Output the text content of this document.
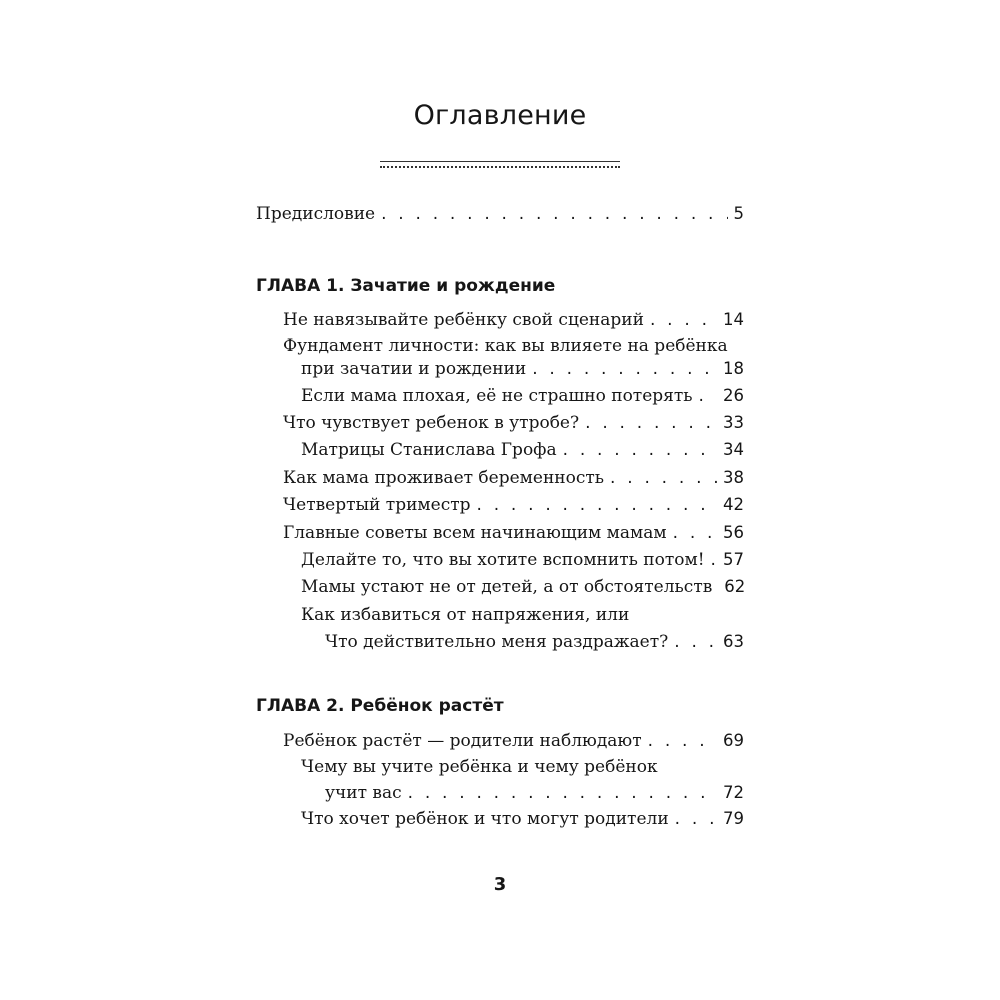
Оглавление
Предисловие . . .	5
ГЛАВА 1. Зачатие и рождение
Не навязывайте ребёнку свой сценарий . . .	14
Фундамент личности: как вы влияете на ребёнка
при зачатии и рождении . . .	18
Если мама плохая, её не страшно потерять . . . 26
Что чувствует ребенок в утробе? . . .	33
Матрицы Станислава Грофа . . .	34
Как мама проживает беременность . . .	38
Четвертый триместр . . .	42
Главные советы всем начинающим мамам . . .	56
Делайте то, что вы хотите вспомнить потом! . . . 57
Мамы устают не от детей, а от обстоятельств 62
Как избавиться от напряжения, или
Что действительно меня раздражает? . . .	63
ГЛАВА 2. Ребёнок растёт
Ребёнок растёт — родители наблюдают . . .	69
Чему вы учите ребёнка и чему ребёнок
учит вас . . .	72
Что хочет ребёнок и что могут родители . . .	79
3
